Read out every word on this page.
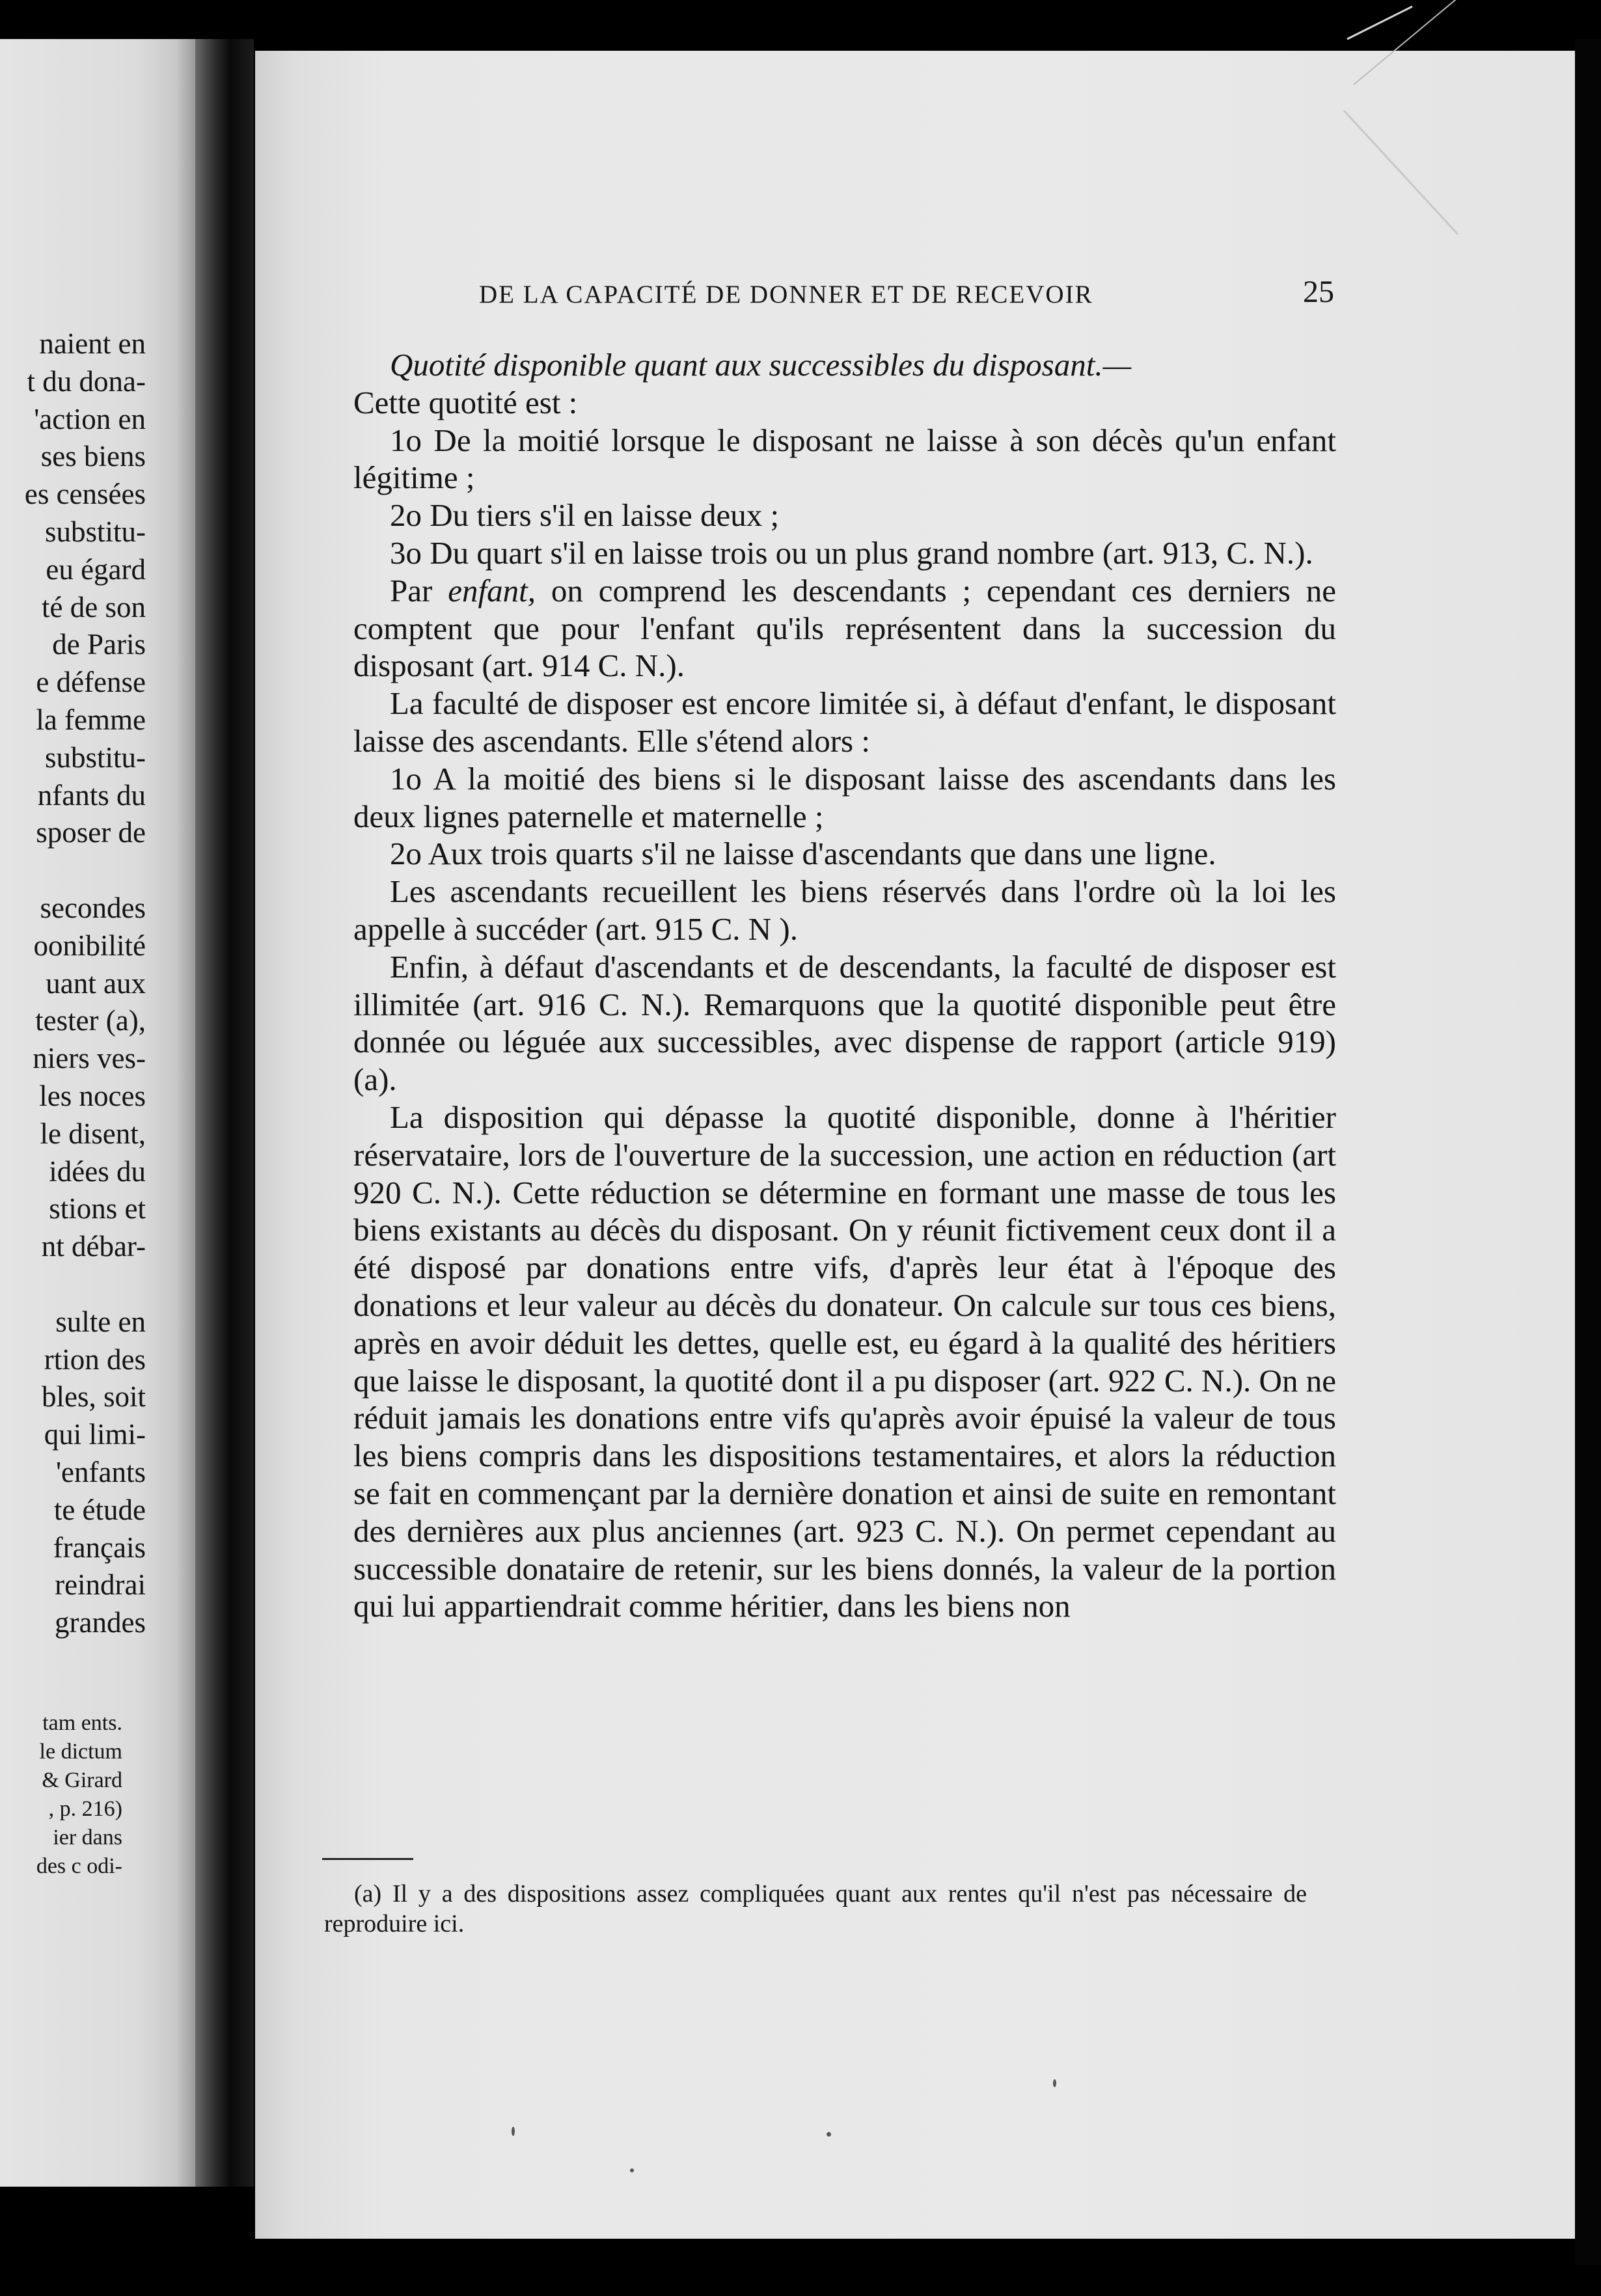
naient en
t du dona-
'action en
ses biens
es censées
substitu-
eu égard
té de son
de Paris
e défense
la femme
substitu-
nfants du
sposer de

secondes
oonibilité
uant aux
tester (a),
niers ves-
les noces
le disent,
idées du
stions et
nt débar-

sulte en
rtion des
bles, soit
qui limi-
'enfants
te étude
français
reindrai
grandes
tam ents.
le dictum
& Girard
, p. 216)
ier dans
des c odi-
DE LA CAPACITÉ DE DONNER ET DE RECEVOIR	25

Quotité disponible quant aux successibles du disposant.—
Cette quotité est :

1o De la moitié lorsque le disposant ne laisse à son décès qu'un enfant légitime ;

2o Du tiers s'il en laisse deux ;

3o Du quart s'il en laisse trois ou un plus grand nombre (art. 913, C. N.).

Par enfant, on comprend les descendants ; cependant ces derniers ne comptent que pour l'enfant qu'ils représentent dans la succession du disposant (art. 914 C. N.).

La faculté de disposer est encore limitée si, à défaut d'enfant, le disposant laisse des ascendants. Elle s'étend alors :

1o A la moitié des biens si le disposant laisse des ascendants dans les deux lignes paternelle et maternelle ;

2o Aux trois quarts s'il ne laisse d'ascendants que dans une ligne.

Les ascendants recueillent les biens réservés dans l'ordre où la loi les appelle à succéder (art. 915 C. N ).

Enfin, à défaut d'ascendants et de descendants, la faculté de disposer est illimitée (art. 916 C. N.). Remarquons que la quotité disponible peut être donnée ou léguée aux successibles, avec dispense de rapport (article 919) (a).

La disposition qui dépasse la quotité disponible, donne à l'héritier réservataire, lors de l'ouverture de la succession, une action en réduction (art 920 C. N.). Cette réduction se détermine en formant une masse de tous les biens existants au décès du disposant. On y réunit fictivement ceux dont il a été disposé par donations entre vifs, d'après leur état à l'époque des donations et leur valeur au décès du donateur. On calcule sur tous ces biens, après en avoir déduit les dettes, quelle est, eu égard à la qualité des héritiers que laisse le disposant, la quotité dont il a pu disposer (art. 922 C. N.). On ne réduit jamais les donations entre vifs qu'après avoir épuisé la valeur de tous les biens compris dans les dispositions testamentaires, et alors la réduction se fait en commençant par la dernière donation et ainsi de suite en remontant des dernières aux plus anciennes (art. 923 C. N.). On permet cependant au successible donataire de retenir, sur les biens donnés, la valeur de la portion qui lui appartiendrait comme héritier, dans les biens non

(a) Il y a des dispositions assez compliquées quant aux rentes qu'il n'est pas nécessaire de reproduire ici.
